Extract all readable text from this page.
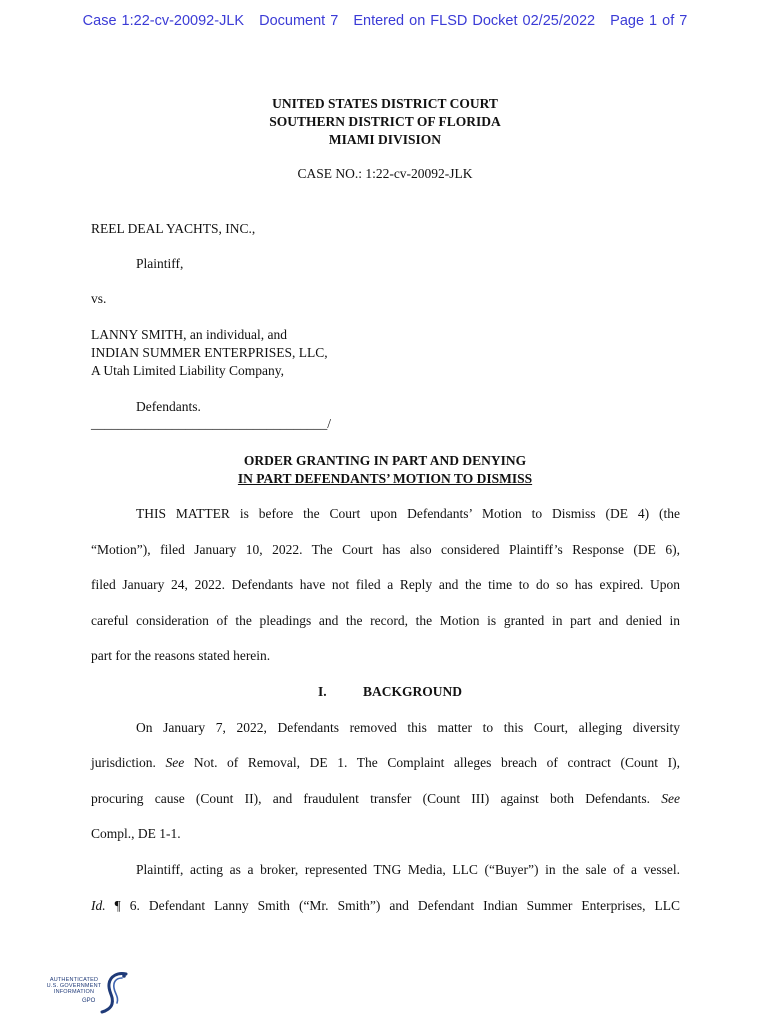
Case 1:22-cv-20092-JLK Document 7 Entered on FLSD Docket 02/25/2022 Page 1 of 7
UNITED STATES DISTRICT COURT
SOUTHERN DISTRICT OF FLORIDA
MIAMI DIVISION
CASE NO.: 1:22-cv-20092-JLK
REEL DEAL YACHTS, INC.,
Plaintiff,
vs.
LANNY SMITH, an individual, and
INDIAN SUMMER ENTERPRISES, LLC,
A Utah Limited Liability Company,
Defendants.
___________________________________/
ORDER GRANTING IN PART AND DENYING
IN PART DEFENDANTS’ MOTION TO DISMISS
THIS MATTER is before the Court upon Defendants’ Motion to Dismiss (DE 4) (the
“Motion”), filed January 10, 2022. The Court has also considered Plaintiff’s Response (DE 6),
filed January 24, 2022. Defendants have not filed a Reply and the time to do so has expired. Upon
careful consideration of the pleadings and the record, the Motion is granted in part and denied in
part for the reasons stated herein.
I.	BACKGROUND
On January 7, 2022, Defendants removed this matter to this Court, alleging diversity
jurisdiction. See Not. of Removal, DE 1. The Complaint alleges breach of contract (Count I),
procuring cause (Count II), and fraudulent transfer (Count III) against both Defendants. See
Compl., DE 1-1.
Plaintiff, acting as a broker, represented TNG Media, LLC (“Buyer”) in the sale of a vessel.
Id. ¶ 6. Defendant Lanny Smith (“Mr. Smith”) and Defendant Indian Summer Enterprises, LLC
AUTHENTICATED U.S. GOVERNMENT INFORMATION
GPO
